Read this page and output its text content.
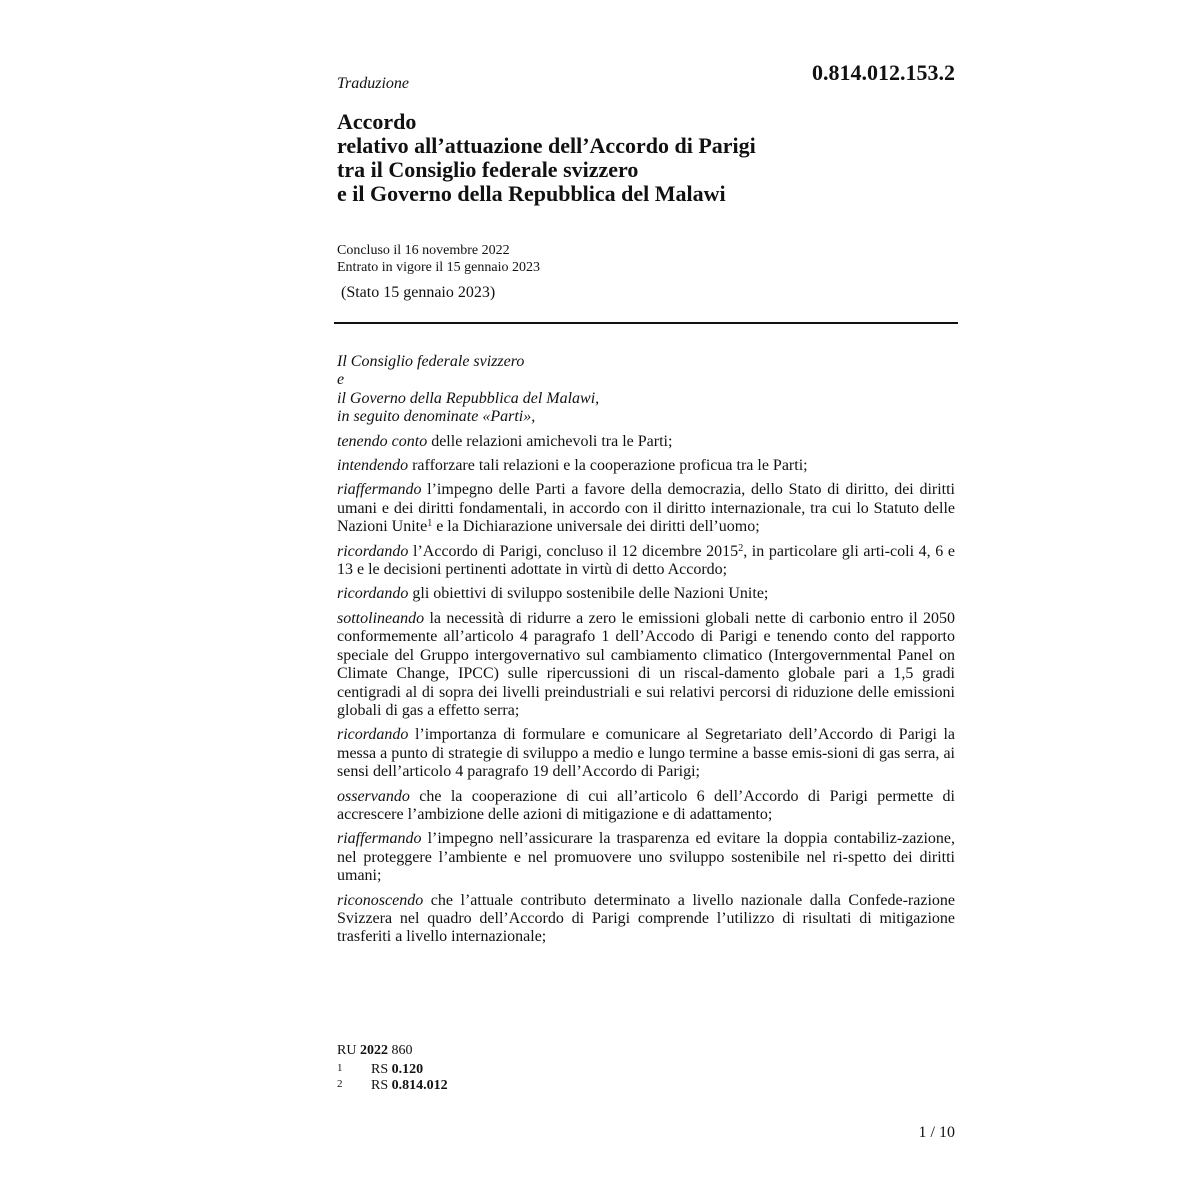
0.814.012.153.2
Traduzione
Accordo
relativo all’attuazione dell’Accordo di Parigi
tra il Consiglio federale svizzero
e il Governo della Repubblica del Malawi
Concluso il 16 novembre 2022
Entrato in vigore il 15 gennaio 2023
(Stato 15 gennaio 2023)
Il Consiglio federale svizzero
e
il Governo della Repubblica del Malawi,
in seguito denominate «Parti»,

tenendo conto delle relazioni amichevoli tra le Parti;

intendendo rafforzare tali relazioni e la cooperazione proficua tra le Parti;

riaffermando l’impegno delle Parti a favore della democrazia, dello Stato di diritto, dei diritti umani e dei diritti fondamentali, in accordo con il diritto internazionale, tra cui lo Statuto delle Nazioni Unite$^1$ e la Dichiarazione universale dei diritti dell’uomo;

ricordando l’Accordo di Parigi, concluso il 12 dicembre 2015$^2$, in particolare gli arti-coli 4, 6 e 13 e le decisioni pertinenti adottate in virtù di detto Accordo;

ricordando gli obiettivi di sviluppo sostenibile delle Nazioni Unite;

sottolineando la necessità di ridurre a zero le emissioni globali nette di carbonio entro il 2050 conformemente all’articolo 4 paragrafo 1 dell’Accodo di Parigi e tenendo conto del rapporto speciale del Gruppo intergovernativo sul cambiamento climatico (Intergovernmental Panel on Climate Change, IPCC) sulle ripercussioni di un riscal-damento globale pari a 1,5 gradi centigradi al di sopra dei livelli preindustriali e sui relativi percorsi di riduzione delle emissioni globali di gas a effetto serra;

ricordando l’importanza di formulare e comunicare al Segretariato dell’Accordo di Parigi la messa a punto di strategie di sviluppo a medio e lungo termine a basse emis-sioni di gas serra, ai sensi dell’articolo 4 paragrafo 19 dell’Accordo di Parigi;

osservando che la cooperazione di cui all’articolo 6 dell’Accordo di Parigi permette di accrescere l’ambizione delle azioni di mitigazione e di adattamento;

riaffermando l’impegno nell’assicurare la trasparenza ed evitare la doppia contabiliz-zazione, nel proteggere l’ambiente e nel promuovere uno sviluppo sostenibile nel ri-spetto dei diritti umani;

riconoscendo che l’attuale contributo determinato a livello nazionale dalla Confede-razione Svizzera nel quadro dell’Accordo di Parigi comprende l’utilizzo di risultati di mitigazione trasferiti a livello internazionale;

RU 2022 860
1	RS
0.120
2	RS
0.814.012
1 / 10
